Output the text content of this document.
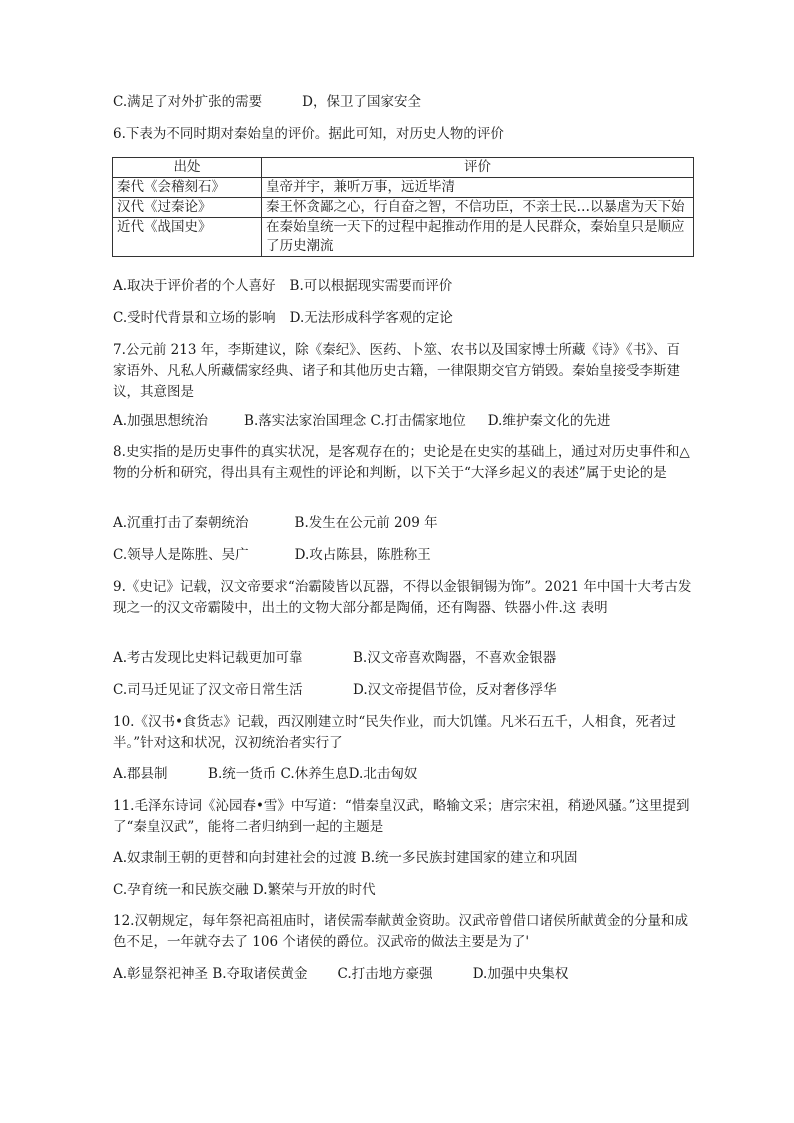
C.满足了对外扩张的需要	D，保卫了国家安全
6.下表为不同时期对秦始皇的评价。据此可知，对历史人物的评价
出处	评价
秦代《会稽刻石》	皇帝并宇，兼听万事，远近毕清
汉代《过秦论》	秦王怀贪鄙之心，行自奋之智，不信功臣，不亲士民…以暴虐为天下始
近代《战国史》	在秦始皇统一天下的过程中起推动作用的是人民群众，秦始皇只是顺应了历史潮流
A.取决于评价者的个人喜好 B.可以根据现实需要而评价
C.受时代背景和立场的影响 D.无法形成科学客观的定论
7.公元前 213 年，李斯建议，除《秦纪》、医药、卜筮、农书以及国家博士所藏《诗》《书》、百家语外、凡私人所藏儒家经典、诸子和其他历史古籍，一律限期交官方销毁。秦始皇接受李斯建议，其意图是
A.加强思想统治	B.落实法家治国理念 C.打击儒家地位 D.维护秦文化的先进
8.史实指的是历史事件的真实状况，是客观存在的；史论是在史实的基础上，通过对历史事件和△物的分析和研究，得出具有主观性的评论和判断，以下关于“大泽乡起义的表述”属于史论的是
A.沉重打击了秦朝统治	B.发生在公元前 209 年
C.领导人是陈胜、吴广	D.攻占陈县，陈胜称王
9.《史记》记载，汉文帝要求“治霸陵皆以瓦器，不得以金银铜锡为饰”。2021 年中国十大考古发现之一的汉文帝霸陵中，出土的文物大部分都是陶俑，还有陶器、铁器小件.这 表明
A.考古发现比史料记载更加可靠	B.汉文帝喜欢陶器，不喜欢金银器
C.司马迁见证了汉文帝日常生活	D.汉文帝提倡节俭，反对奢侈浮华
10.《汉书•食货志》记载，西汉刚建立时“民失作业，而大饥馑。凡米石五千，人相食，死者过半。”针对这和状况，汉初统治者实行了
A.郡县制　　　B.统一货币 C.休养生息D.北击匈奴
11.毛泽东诗词《沁园春•雪》中写道：“惜秦皇汉武，略输文采；唐宗宋祖，稍逊风骚。”这里提到了“秦皇汉武”，能将二者归纳到一起的主题是
A.奴隶制王朝的更替和向封建社会的过渡 B.统一多民族封建国家的建立和巩固
C.孕育统一和民族交融 D.繁荣与开放的时代
12.汉朝规定，每年祭祀高祖庙时，诸侯需奉献黄金资助。汉武帝曾借口诸侯所献黄金的分量和成色不足，一年就夺去了 106 个诸侯的爵位。汉武帝的做法主要是为了'
A.彰显祭祀神圣 B.夺取诸侯黄金 C.打击地方豪强	D.加强中央集权
